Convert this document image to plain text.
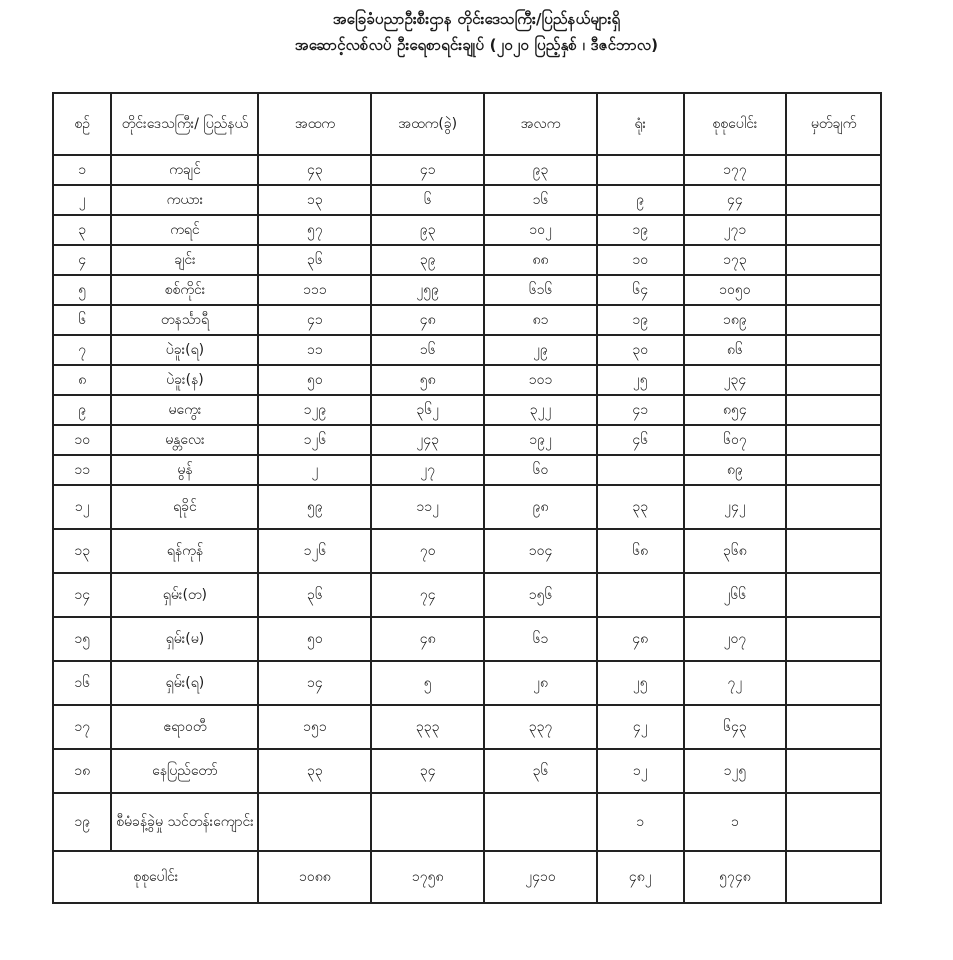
အခြေခံပညာဦးစီးဌာန တိုင်းဒေသကြီး/ပြည်နယ်များရှိ
အဆောင့်လစ်လပ် ဦးရေစာရင်းချုပ် (၂၀၂၀ ပြည့်နှစ် ၊ ဒီဇင်ဘာလ)
စဉ်	တိုင်းဒေသကြီး/ ပြည်နယ်	အထက	အထက(ခွဲ)	အလက	ရုံး	စုစုပေါင်း	မှတ်ချက်
၁	ကချင်	၄၃	၄၁	၉၃		၁၇၇	
၂	ကယား	၁၃	၆	၁၆	၉	၄၄	
၃	ကရင်	၅၇	၉၃	၁၀၂	၁၉	၂၇၁	
၄	ချင်း	၃၆	၃၉	၈၈	၁၀	၁၇၃	
၅	စစ်ကိုင်း	၁၁၁	၂၅၉	၆၁၆	၆၄	၁၀၅၀	
၆	တနင်္သာရီ	၄၁	၄၈	၈၁	၁၉	၁၈၉	
၇	ပဲခူး(ရ)	၁၁	၁၆	၂၉	၃၀	၈၆	
၈	ပဲခူး(န)	၅၀	၅၈	၁၀၁	၂၅	၂၃၄	
၉	မကွေး	၁၂၉	၃၆၂	၃၂၂	၄၁	၈၅၄	
၁၀	မန္တလေး	၁၂၆	၂၄၃	၁၉၂	၄၆	၆၀၇	
၁၁	မွန်	၂	၂၇	၆၀		၈၉	
၁၂	ရခိုင်	၅၉	၁၁၂	၉၈	၃၃	၂၄၂	
၁၃	ရန်ကုန်	၁၂၆	၇၀	၁၀၄	၆၈	၃၆၈	
၁၄	ရှမ်း(တ)	၃၆	၇၄	၁၅၆		၂၆၆	
၁၅	ရှမ်း(မ)	၅၀	၄၈	၆၁	၄၈	၂၀၇	
၁၆	ရှမ်း(ရ)	၁၄	၅	၂၈	၂၅	၇၂	
၁၇	ဧရာဝတီ	၁၅၁	၃၃၃	၃၃၇	၄၂	၆၄၃	
၁၈	နေပြည်တော်	၃၃	၃၄	၃၆	၁၂	၁၂၅	
၁၉	စီမံခန့်ခွဲမှု သင်တန်းကျောင်း				၁	၁	
စုစုပေါင်း		၁၀၈၈	၁၇၅၈	၂၄၁၀	၄၈၂	၅၇၄၈	
